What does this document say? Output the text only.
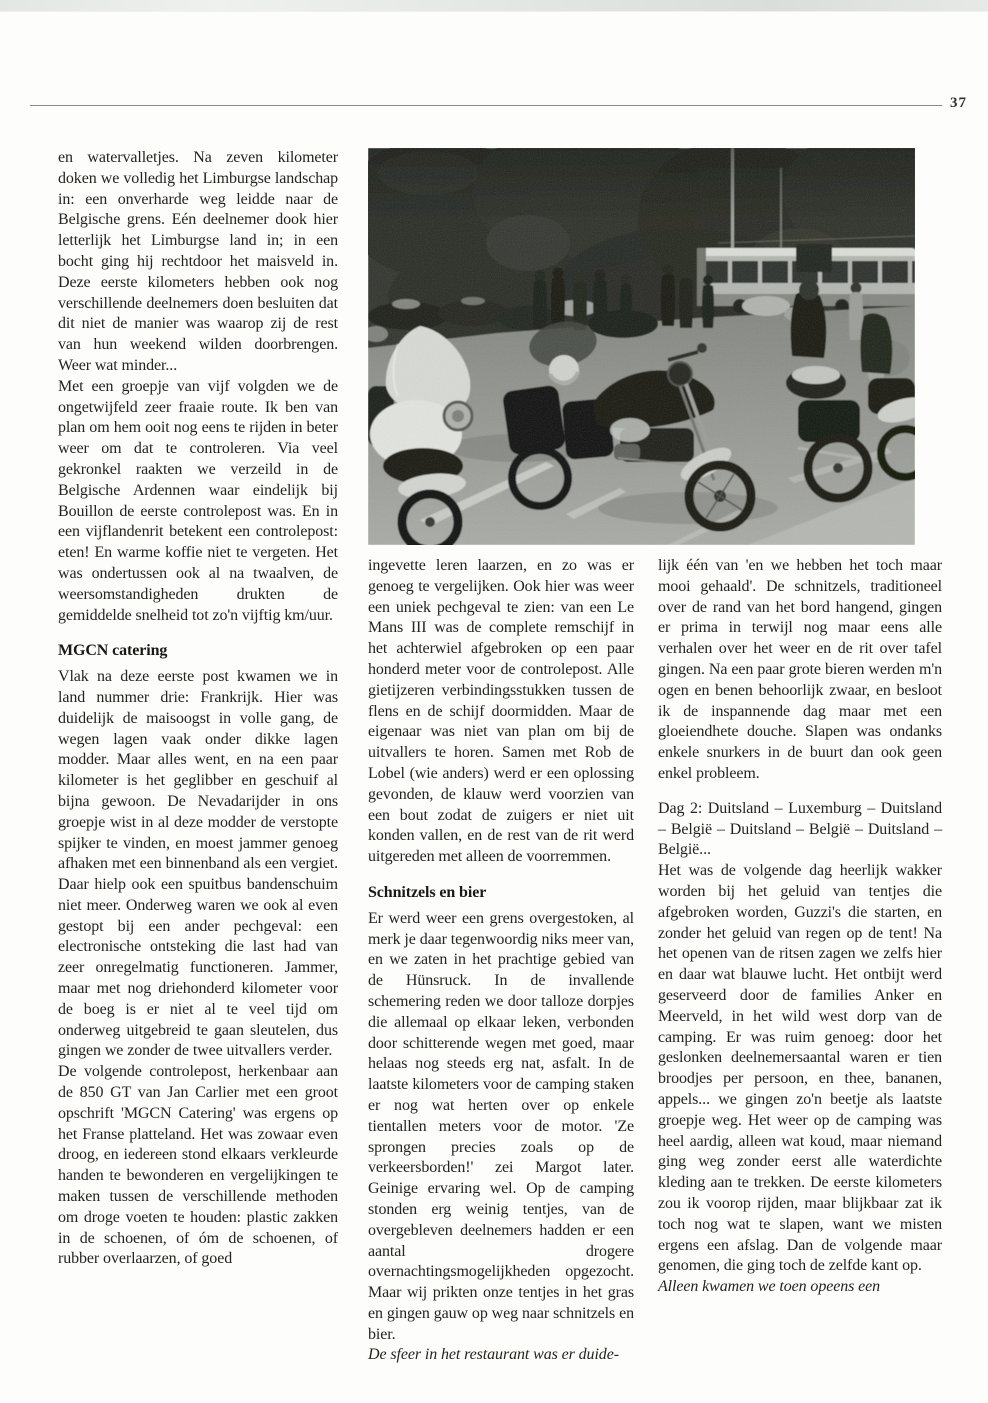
37

en watervalletjes. Na zeven kilometer doken we volledig het Limburgse landschap in: een onverharde weg leidde naar de Belgische grens. Eén deelnemer dook hier letterlijk het Limburgse land in; in een bocht ging hij rechtdoor het maisveld in. Deze eerste kilometers hebben ook nog verschillende deelnemers doen besluiten dat dit niet de manier was waarop zij de rest van hun weekend wilden doorbrengen. Weer wat minder...

Met een groepje van vijf volgden we de ongetwijfeld zeer fraaie route. Ik ben van plan om hem ooit nog eens te rijden in beter weer om dat te controleren. Via veel gekronkel raakten we verzeild in de Belgische Ardennen waar eindelijk bij Bouillon de eerste controlepost was. En in een vijflandenrit betekent een controlepost: eten! En warme koffie niet te vergeten. Het was ondertussen ook al na twaalven, de weersomstandigheden drukten de gemiddelde snelheid tot zo'n vijftig km/uur.

MGCN catering

Vlak na deze eerste post kwamen we in land nummer drie: Frankrijk. Hier was duidelijk de maisoogst in volle gang, de wegen lagen vaak onder dikke lagen modder. Maar alles went, en na een paar kilometer is het geglibber en geschuif al bijna gewoon. De Nevadarijder in ons groepje wist in al deze modder de verstopte spijker te vinden, en moest jammer genoeg afhaken met een binnenband als een vergiet. Daar hielp ook een spuitbus bandenschuim niet meer. Onderweg waren we ook al even gestopt bij een ander pechgeval: een electronische ontsteking die last had van zeer onregelmatig functioneren. Jammer, maar met nog driehonderd kilometer voor de boeg is er niet al te veel tijd om onderweg uitgebreid te gaan sleutelen, dus gingen we zonder de twee uitvallers verder.

De volgende controlepost, herkenbaar aan de 850 GT van Jan Carlier met een groot opschrift 'MGCN Catering' was ergens op het Franse platteland. Het was zowaar even droog, en iedereen stond elkaars verkleurde handen te bewonderen en vergelijkingen te maken tussen de verschillende methoden om droge voeten te houden: plastic zakken in de schoenen, of óm de schoenen, of rubber overlaarzen, of goed

ingevette leren laarzen, en zo was er genoeg te vergelijken. Ook hier was weer een uniek pechgeval te zien: van een Le Mans III was de complete remschijf in het achterwiel afgebroken op een paar honderd meter voor de controlepost. Alle gietijzeren verbindingsstukken tussen de flens en de schijf doormidden. Maar de eigenaar was niet van plan om bij de uitvallers te horen. Samen met Rob de Lobel (wie anders) werd er een oplossing gevonden, de klauw werd voorzien van een bout zodat de zuigers er niet uit konden vallen, en de rest van de rit werd uitgereden met alleen de voorremmen.

Schnitzels en bier

Er werd weer een grens overgestoken, al merk je daar tegenwoordig niks meer van, en we zaten in het prachtige gebied van de Hünsruck. In de invallende schemering reden we door talloze dorpjes die allemaal op elkaar leken, verbonden door schitterende wegen met goed, maar helaas nog steeds erg nat, asfalt. In de laatste kilometers voor de camping staken er nog wat herten over op enkele tientallen meters voor de motor. 'Ze sprongen precies zoals op de verkeersborden!' zei Margot later. Geinige ervaring wel. Op de camping stonden erg weinig tentjes, van de overgebleven deelnemers hadden er een aantal drogere overnachtingsmogelijkheden opgezocht. Maar wij prikten onze tentjes in het gras en gingen gauw op weg naar schnitzels en bier.

De sfeer in het restaurant was er duide-

lijk één van 'en we hebben het toch maar mooi gehaald'. De schnitzels, traditioneel over de rand van het bord hangend, gingen er prima in terwijl nog maar eens alle verhalen over het weer en de rit over tafel gingen. Na een paar grote bieren werden m'n ogen en benen behoorlijk zwaar, en besloot ik de inspannende dag maar met een gloeiendhete douche. Slapen was ondanks enkele snurkers in de buurt dan ook geen enkel probleem.

Dag 2: Duitsland – Luxemburg – Duitsland – België – Duitsland – België – Duitsland – België...

Het was de volgende dag heerlijk wakker worden bij het geluid van tentjes die afgebroken worden, Guzzi's die starten, en zonder het geluid van regen op de tent! Na het openen van de ritsen zagen we zelfs hier en daar wat blauwe lucht. Het ontbijt werd geserveerd door de families Anker en Meerveld, in het wild west dorp van de camping. Er was ruim genoeg: door het geslonken deelnemersaantal waren er tien broodjes per persoon, en thee, bananen, appels... we gingen zo'n beetje als laatste groepje weg. Het weer op de camping was heel aardig, alleen wat koud, maar niemand ging weg zonder eerst alle waterdichte kleding aan te trekken. De eerste kilometers zou ik voorop rijden, maar blijkbaar zat ik toch nog wat te slapen, want we misten ergens een afslag. Dan de volgende maar genomen, die ging toch de zelfde kant op.

Alleen kwamen we toen opeens een
